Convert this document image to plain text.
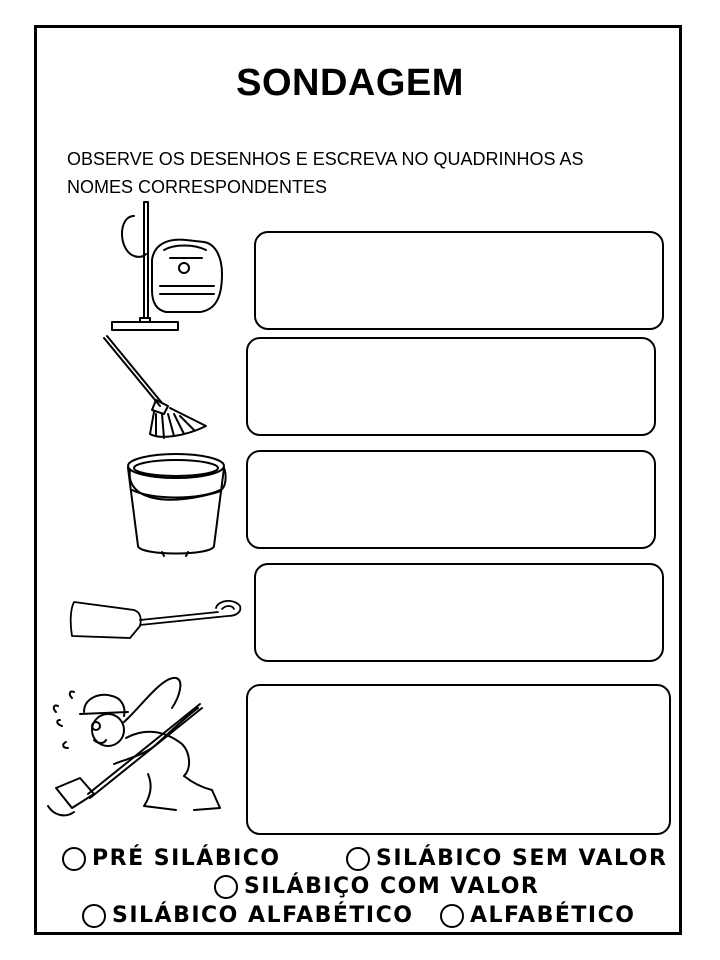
SONDAGEM
OBSERVE OS DESENHOS E ESCREVA NO QUADRINHOS AS NOMES CORRESPONDENTES
PRÉ SILÁBICO	SILÁBICO SEM VALOR
SILÁBIÇO COM VALOR
SILÁBICO ALFABÉTICO	ALFABÉTICO
